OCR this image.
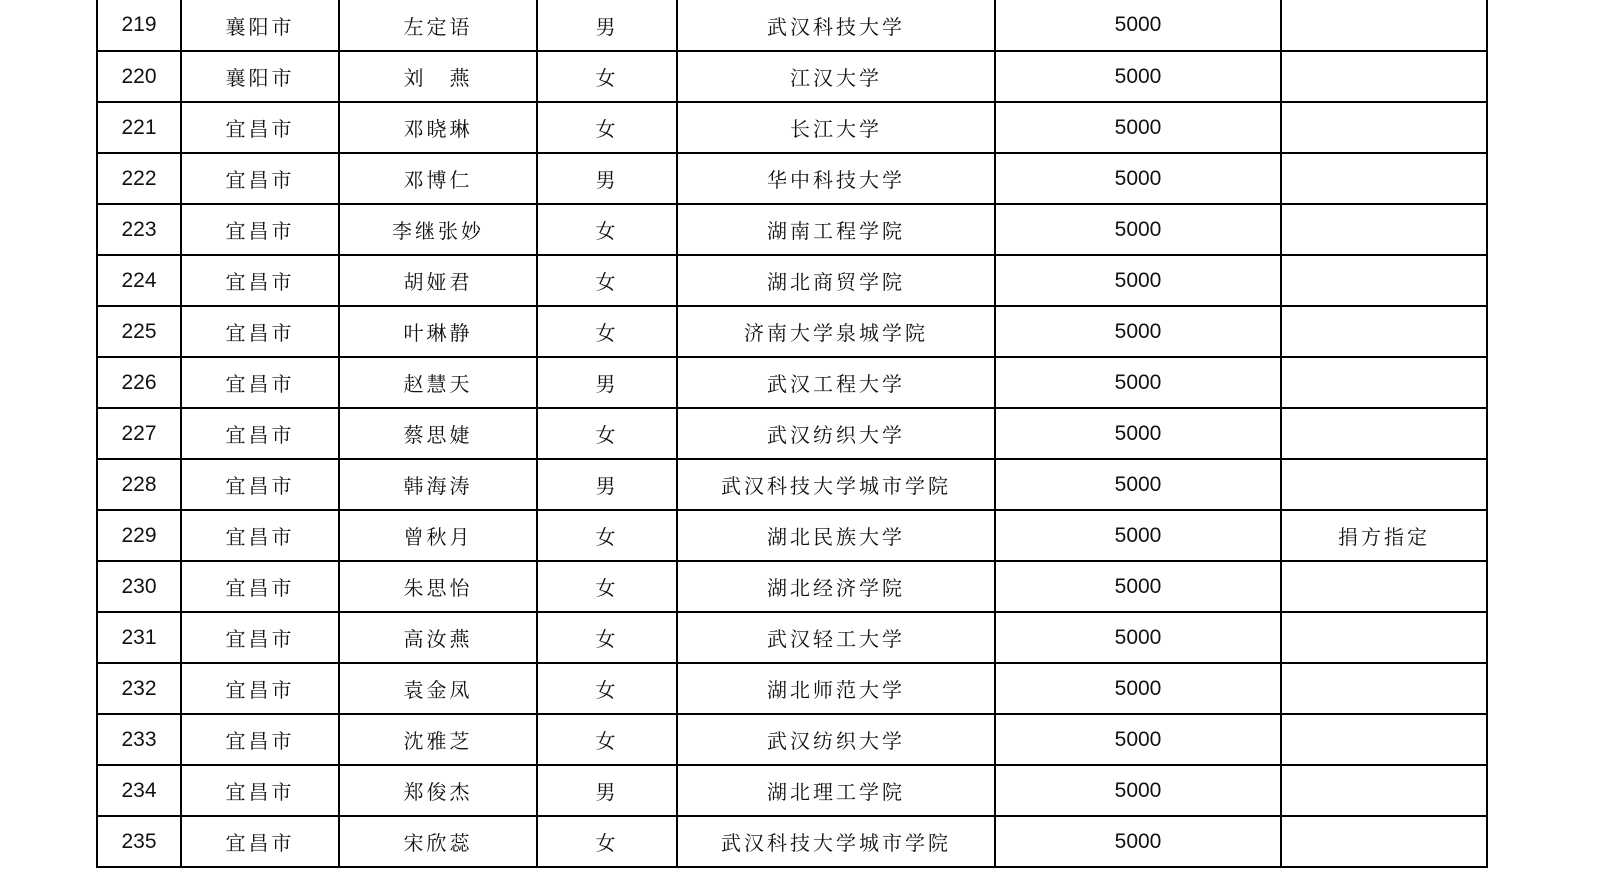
219	襄阳市	左定语	男	武汉科技大学	5000	
220	襄阳市	刘　燕	女	江汉大学	5000	
221	宜昌市	邓晓琳	女	长江大学	5000	
222	宜昌市	邓博仁	男	华中科技大学	5000	
223	宜昌市	李继张妙	女	湖南工程学院	5000	
224	宜昌市	胡娅君	女	湖北商贸学院	5000	
225	宜昌市	叶琳静	女	济南大学泉城学院	5000	
226	宜昌市	赵慧天	男	武汉工程大学	5000	
227	宜昌市	蔡思婕	女	武汉纺织大学	5000	
228	宜昌市	韩海涛	男	武汉科技大学城市学院	5000	
229	宜昌市	曾秋月	女	湖北民族大学	5000	捐方指定
230	宜昌市	朱思怡	女	湖北经济学院	5000	
231	宜昌市	高汝燕	女	武汉轻工大学	5000	
232	宜昌市	袁金凤	女	湖北师范大学	5000	
233	宜昌市	沈雅芝	女	武汉纺织大学	5000	
234	宜昌市	郑俊杰	男	湖北理工学院	5000	
235	宜昌市	宋欣蕊	女	武汉科技大学城市学院	5000	
